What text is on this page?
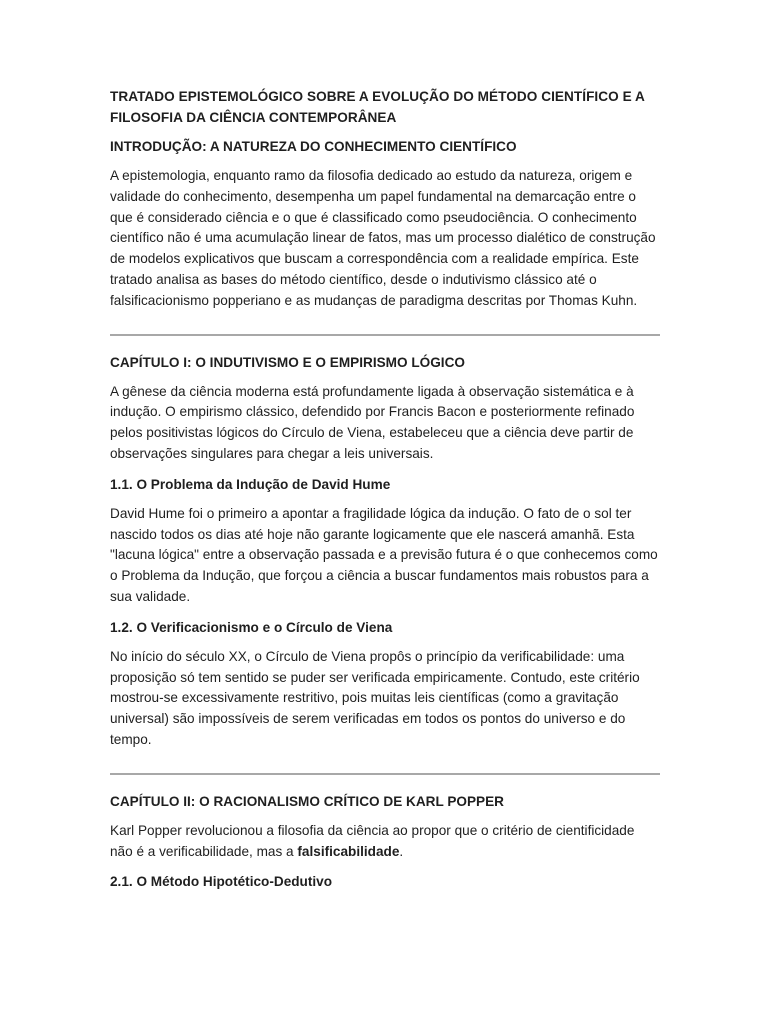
TRATADO EPISTEMOLÓGICO SOBRE A EVOLUÇÃO DO MÉTODO CIENTÍFICO E A FILOSOFIA DA CIÊNCIA CONTEMPORÂNEA
INTRODUÇÃO: A NATUREZA DO CONHECIMENTO CIENTÍFICO

A epistemologia, enquanto ramo da filosofia dedicado ao estudo da natureza, origem e validade do conhecimento, desempenha um papel fundamental na demarcação entre o que é considerado ciência e o que é classificado como pseudociência. O conhecimento científico não é uma acumulação linear de fatos, mas um processo dialético de construção de modelos explicativos que buscam a correspondência com a realidade empírica. Este tratado analisa as bases do método científico, desde o indutivismo clássico até o falsificacionismo popperiano e as mudanças de paradigma descritas por Thomas Kuhn.

CAPÍTULO I: O INDUTIVISMO E O EMPIRISMO LÓGICO

A gênese da ciência moderna está profundamente ligada à observação sistemática e à indução. O empirismo clássico, defendido por Francis Bacon e posteriormente refinado pelos positivistas lógicos do Círculo de Viena, estabeleceu que a ciência deve partir de observações singulares para chegar a leis universais.

1.1. O Problema da Indução de David Hume

David Hume foi o primeiro a apontar a fragilidade lógica da indução. O fato de o sol ter nascido todos os dias até hoje não garante logicamente que ele nascerá amanhã. Esta "lacuna lógica" entre a observação passada e a previsão futura é o que conhecemos como o Problema da Indução, que forçou a ciência a buscar fundamentos mais robustos para a sua validade.

1.2. O Verificacionismo e o Círculo de Viena

No início do século XX, o Círculo de Viena propôs o princípio da verificabilidade: uma proposição só tem sentido se puder ser verificada empiricamente. Contudo, este critério mostrou-se excessivamente restritivo, pois muitas leis científicas (como a gravitação universal) são impossíveis de serem verificadas em todos os pontos do universo e do tempo.

CAPÍTULO II: O RACIONALISMO CRÍTICO DE KARL POPPER

Karl Popper revolucionou a filosofia da ciência ao propor que o critério de cientificidade não é a verificabilidade, mas a falsificabilidade.

2.1. O Método Hipotético-Dedutivo
